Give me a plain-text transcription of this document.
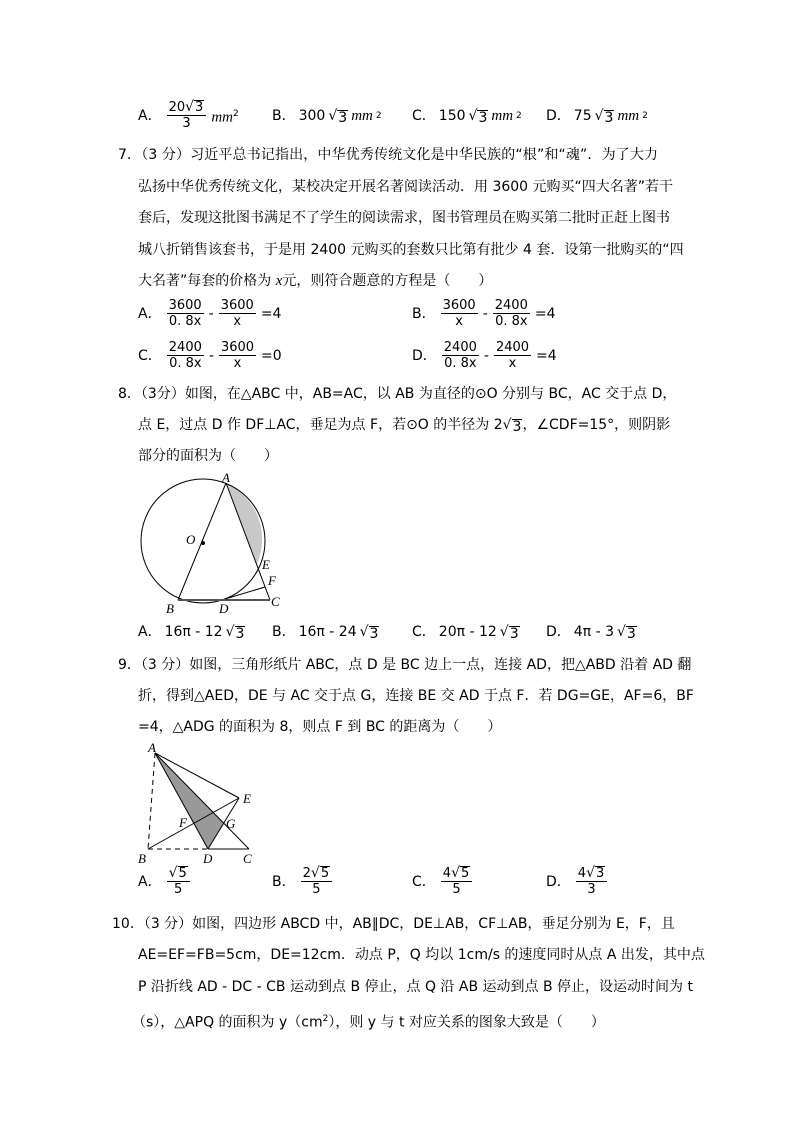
A． $\frac{20 √ 3}{3} mm^2$ B． 300 √ 3 mm 2 C． 150 √ 3 mm 2 D． 75 √ 3 mm 2
7．（3 分）习近平总书记指出，中华优秀传统文化是中华民族的“根”和“魂”．为了大力
弘扬中华优秀传统文化，某校决定开展名著阅读活动．用 3600 元购买“四大名著”若干
套后，发现这批图书满足不了学生的阅读需求，图书管理员在购买第二批时正赶上图书
城八折销售该套书，于是用 2400 元购买的套数只比第有批少 4 套．设第一批购买的“四
大名著”每套的价格为 x元，则符合题意的方程是（　　）
A． $\frac{3600}{0. 8x} - \frac{3600}{x} =4$	B． $\frac{3600}{x} - \frac{2400}{0. 8x} =4$
C． $\frac{2400}{0. 8x} - \frac{3600}{x} =0$	D． $\frac{2400}{0. 8x} - \frac{2400}{x} =4$
8．（3分）如图，在△ABC 中，AB=AC，以 AB 为直径的⊙O 分别与 BC，AC 交于点 D，
点 E，过点 D 作 DF⊥AC，垂足为点 F，若⊙O 的半径为 2 √ 3 ，∠CDF=15°，则阴影
部分的面积为（　　）
A
O
E
F
C
B	D
A． 16π - 12 √ 3 B． 16π - 24 √ 3 C． 20π - 12 √ 3 D． 4π - 3 √ 3
9．（3 分）如图，三角形纸片 ABC，点 D 是 BC 边上一点，连接 AD，把△ABD 沿着 AD 翻
折，得到△AED，DE 与 AC 交于点 G，连接 BE 交 AD 于点 F．若 DG=GE，AF=6，BF
=4，△ADG 的面积为 8，则点 F 到 BC 的距离为（　　）
A
E
F	G
B	D C
A． $\frac{√ 5}{5}$	B． $\frac{2 √ 5}{5}$	C． $\frac{4 √ 5}{5}$	D． $\frac{4 √ 3}{3}$
10．（3 分）如图，四边形 ABCD 中，AB∥DC，DE⊥AB，CF⊥AB，垂足分别为 E，F，且
AE=EF=FB=5cm，DE=12cm．动点 P，Q 均以 1cm/s 的速度同时从点 A 出发，其中点
P 沿折线 AD - DC - CB 运动到点 B 停止，点 Q 沿 AB 运动到点 B 停止，设运动时间为 t
（s），△APQ 的面积为 $y(cm^2)$，则 y 与 t 对应关系的图象大致是（　　）
